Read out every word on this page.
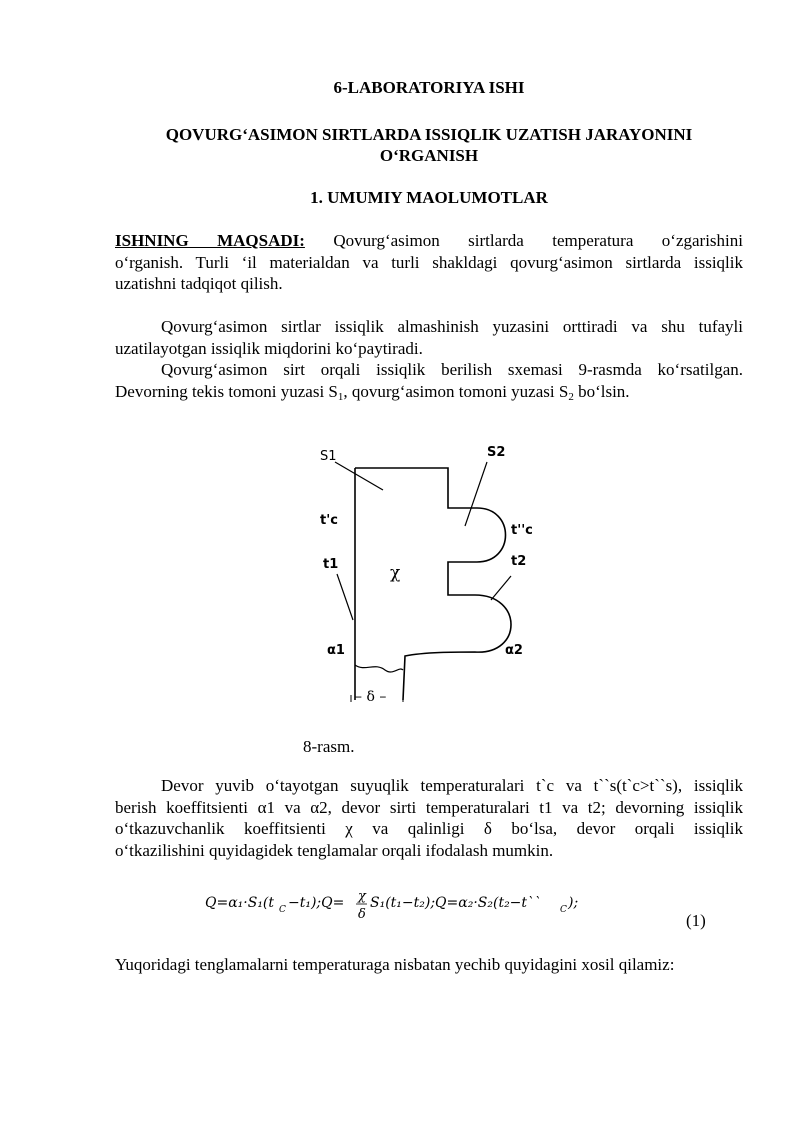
6-LABORATORIYA ISHI
QOVURG‘ASIMON SIRTLARDA ISSIQLIK UZATISH JARAYONINI
O‘RGANISH
1. UMUMIY MAOLUMOTLAR
ISHNING MAQSADI: Qovurg‘asimon sirtlarda temperatura o‘zgarishini
o‘rganish. Turli ‘il materialdan va turli shakldagi qovurg‘asimon sirtlarda issiqlik
uzatishni tadqiqot qilish.
Qovurg‘asimon sirtlar issiqlik almashinish yuzasini orttiradi va shu tufayli
uzatilayotgan issiqlik miqdorini ko‘paytiradi.
Qovurg‘asimon sirt orqali issiqlik berilish sxemasi 9-rasmda ko‘rsatilgan.
Devorning tekis tomoni yuzasi $S_1$, qovurg‘asimon tomoni yuzasi $S_2$ bo‘lsin.
S1	S2
t'c
t''c
t1	t2
χ
α1	α2
– δ –
8-rasm.
Devor yuvib o‘tayotgan suyuqlik temperaturalari t`c va t``s(t`c>t``s), issiqlik
berish koeffitsienti α1 va α2, devor sirti temperaturalari t1 va t2; devorning issiqlik
o‘tkazuvchanlik koeffitsienti χ va qalinligi δ bo‘lsa, devor orqali issiqlik
o‘tkazilishini quyidagidek tenglamalar orqali ifodalash mumkin.
Q=α₁·S₁(t C −t₁);Q= χ
δ
S₁(t₁−t₂);Q=α₂·S₂(t₂−t`` C );
(1)
Yuqoridagi tenglamalarni temperaturaga nisbatan yechib quyidagini xosil qilamiz:
